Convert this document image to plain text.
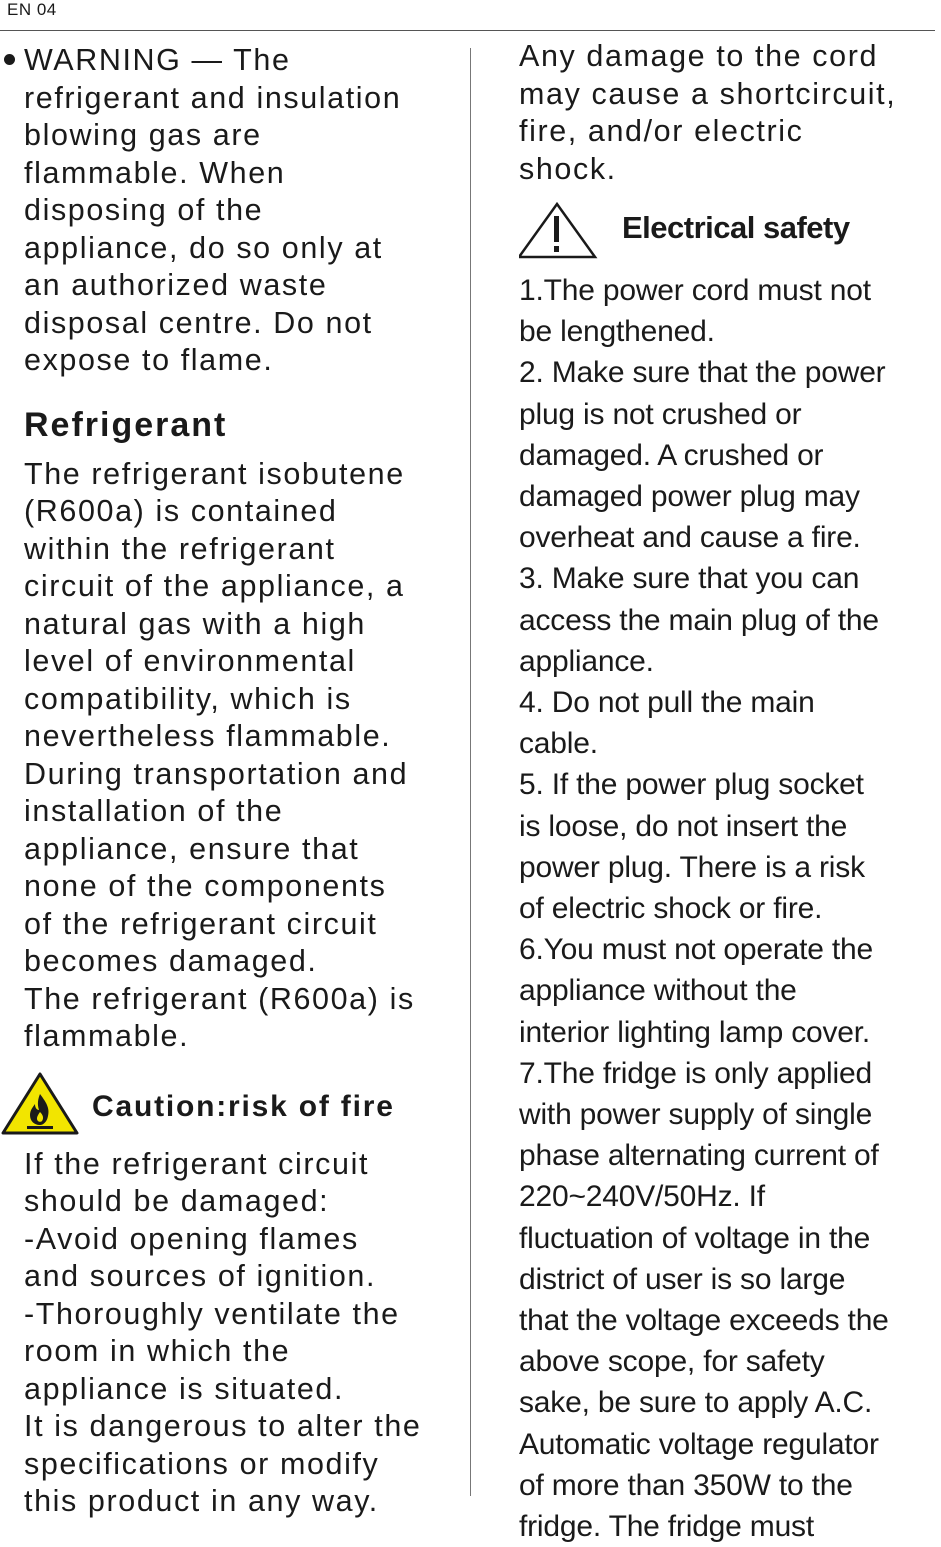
EN 04

WARNING — The

refrigerant and insulation

blowing gas are

flammable. When

disposing of the

appliance, do so only at

an authorized waste

disposal centre. Do not

expose to flame.

Refrigerant

The refrigerant isobutene

(R600a) is contained

within the refrigerant

circuit of the appliance, a

natural gas with a high

level of environmental

compatibility, which is

nevertheless flammable.

During transportation and

installation of the

appliance, ensure that

none of the components

of the refrigerant circuit

becomes damaged.

The refrigerant (R600a) is

flammable.

Caution:risk of fire

If the refrigerant circuit

should be damaged:

-Avoid opening flames

and sources of ignition.

-Thoroughly ventilate the

room in which the

appliance is situated.

It is dangerous to alter the

specifications or modify

this product in any way.

Any damage to the cord

may cause a shortcircuit,

fire, and/or electric

shock.

Electrical safety

1.The power cord must not

be lengthened.

2. Make sure that the power

plug is not crushed or

damaged. A crushed or

damaged power plug may

overheat and cause a fire.

3. Make sure that you can

access the main plug of the

appliance.

4. Do not pull the main

cable.

5. If the power plug socket

is loose, do not insert the

power plug. There is a risk

of electric shock or fire.

6.You must not operate the

appliance without the

interior lighting lamp cover.

7.The fridge is only applied

with power supply of single

phase alternating current of

220~240V/50Hz. If

fluctuation of voltage in the

district of user is so large

that the voltage exceeds the

above scope, for safety

sake, be sure to apply A.C.

Automatic voltage regulator

of more than 350W to the

fridge. The fridge must
